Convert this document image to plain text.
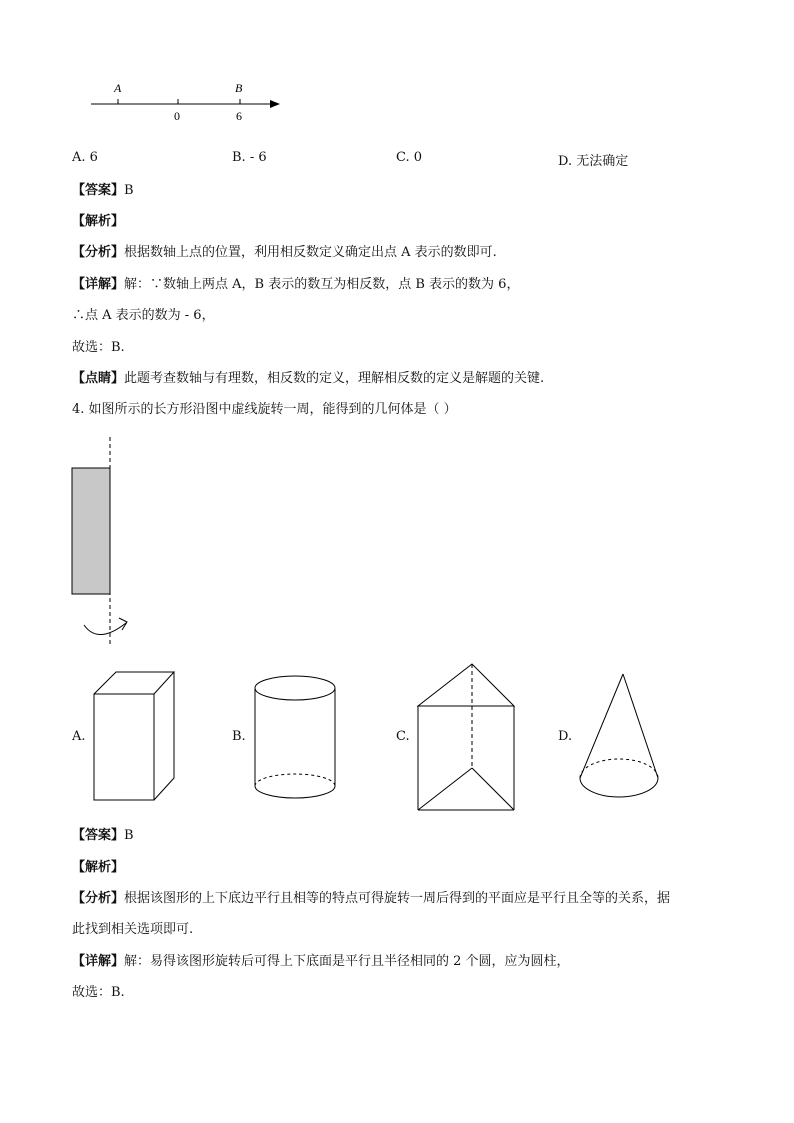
A	B
0	6
A. 6	B. - 6	C. 0	D. 无法确定
【答案】B
【解析】
【分析】根据数轴上点的位置，利用相反数定义确定出点 A 表示的数即可.
【详解】解：∵数轴上两点 A，B 表示的数互为相反数，点 B 表示的数为 6，
∴点 A 表示的数为 - 6，
故选：B.
【点睛】此题考查数轴与有理数，相反数的定义，理解相反数的定义是解题的关键.
4. 如图所示的长方形沿图中虚线旋转一周，能得到的几何体是（ ）
A.	B.	C.	D.
【答案】B
【解析】
【分析】根据该图形的上下底边平行且相等的特点可得旋转一周后得到的平面应是平行且全等的关系，据
此找到相关选项即可.
【详解】解：易得该图形旋转后可得上下底面是平行且半径相同的 2 个圆，应为圆柱，
故选：B.
